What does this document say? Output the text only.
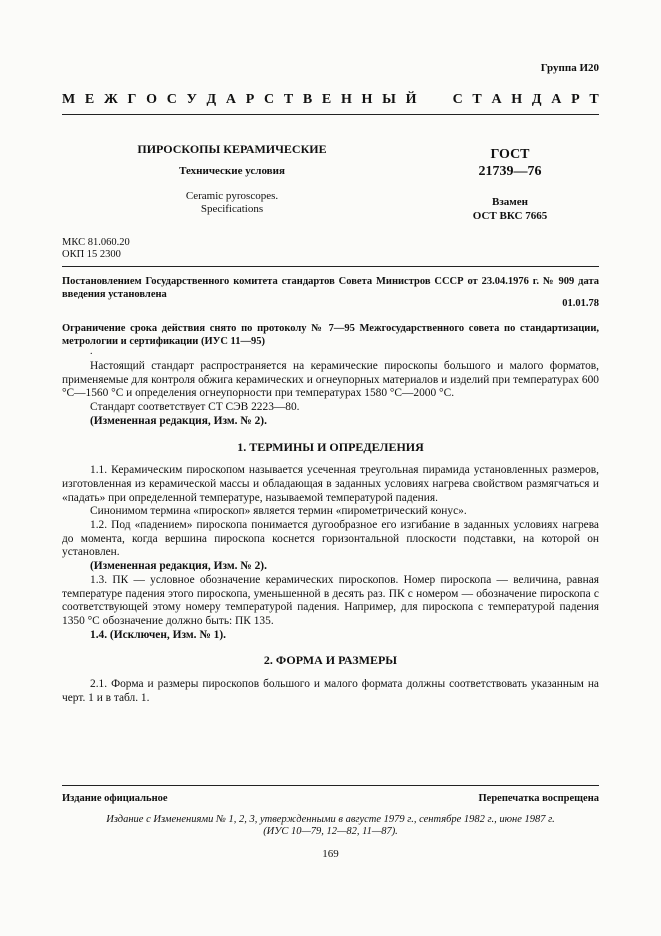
Группа И20
М Е Ж Г О С У Д А Р С Т В Е Н Н Ы Й

	С Т А Н Д А Р Т
ПИРОСКОПЫ КЕРАМИЧЕСКИЕ
Технические условия
Ceramic pyroscopes.
Specifications
ГОСТ
21739—76
Взамен
ОСТ ВКС 7665
МКС 81.060.20
ОКП 15 2300
Постановлением Государственного комитета стандартов Совета Министров СССР от 23.04.1976 г. № 909 дата введения установлена
01.01.78
Ограничение срока действия снято по протоколу № 7—95 Межгосударственного совета по стандартизации, метрологии и сертификации (ИУС 11—95)
.

Настоящий стандарт распространяется на керамические пироскопы большого и малого форматов, применяемые для контроля обжига керамических и огнеупорных материалов и изделий при температурах 600 °С—1560 °С и определения огнеупорности при температурах 1580 °С—2000 °С.

Стандарт соответствует СТ СЭВ 2223—80.

(Измененная редакция, Изм. № 2).

1. ТЕРМИНЫ И ОПРЕДЕЛЕНИЯ

1.1. Керамическим пироскопом называется усеченная треугольная пирамида установленных размеров, изготовленная из керамической массы и обладающая в заданных условиях нагрева свойством размягчаться и «падать» при определенной температуре, называемой температурой падения.

Синонимом термина «пироскоп» является термин «пирометрический конус».

1.2. Под «падением» пироскопа понимается дугообразное его изгибание в заданных условиях нагрева до момента, когда вершина пироскопа коснется горизонтальной плоскости подставки, на которой он установлен.

(Измененная редакция, Изм. № 2).

1.3. ПК — условное обозначение керамических пироскопов. Номер пироскопа — величина, равная температуре падения этого пироскопа, уменьшенной в десять раз. ПК с номером — обозначение пироскопа с соответствующей этому номеру температурой падения. Например, для пироскопа с температурой падения 1350 °С обозначение должно быть: ПК 135.

1.4. (Исключен, Изм. № 1).

2. ФОРМА И РАЗМЕРЫ

2.1. Форма и размеры пироскопов большого и малого формата должны соответствовать указанным на черт. 1 и в табл. 1.

Издание официальное	Перепечатка воспрещена
Издание с Изменениями № 1, 2, 3, утвержденными в августе 1979 г., сентябре 1982 г., июне 1987 г.
(ИУС 10—79, 12—82, 11—87).
169
